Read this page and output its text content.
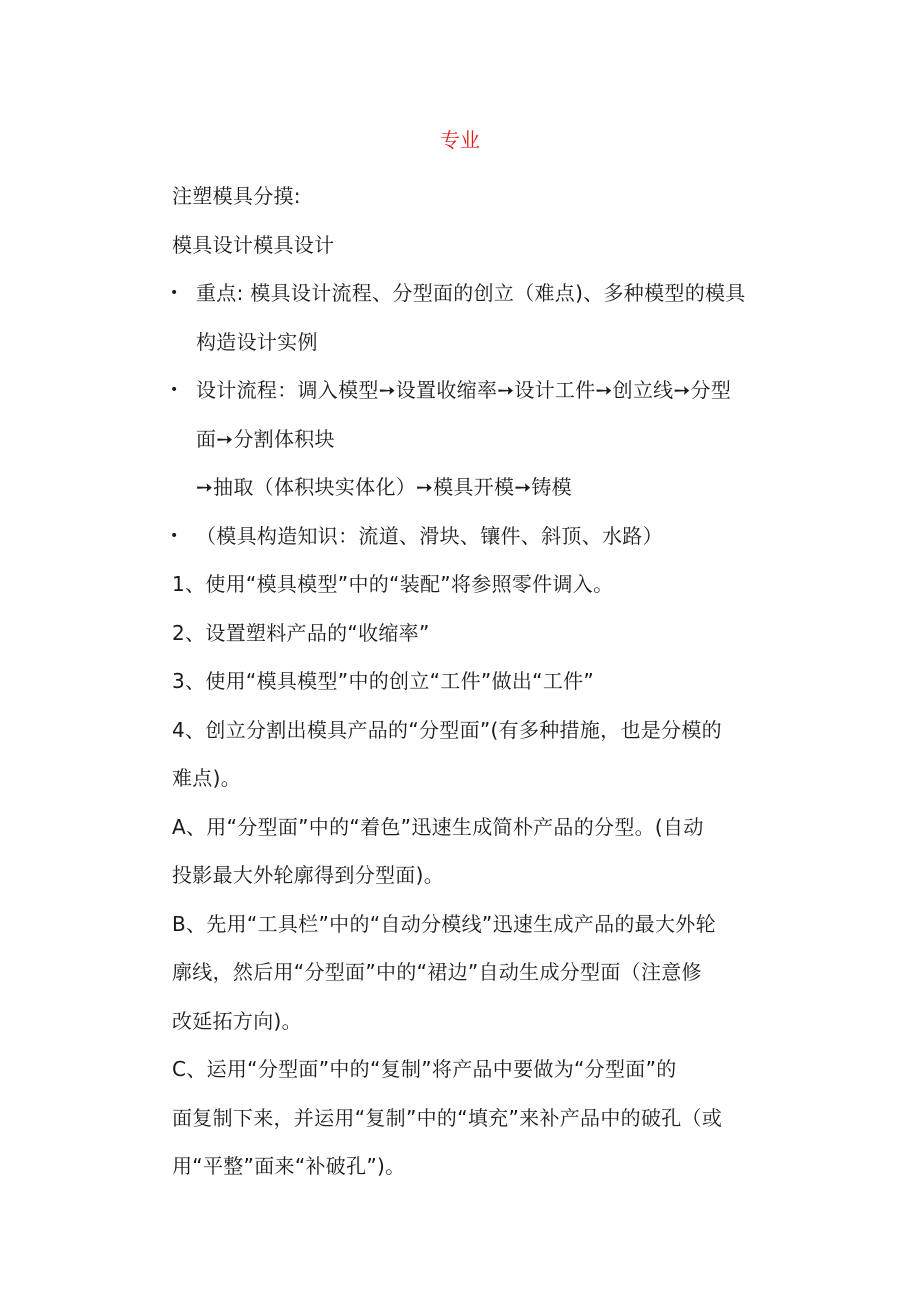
专业
注塑模具分摸:
模具设计模具设计
• 重点: 模具设计流程、分型面的创立（难点)、多种模型的模具
构造设计实例
• 设计流程：调入模型➙设置收缩率➙设计工件➙创立线➙分型
面➙分割体积块
➙抽取（体积块实体化）➙模具开模➙铸模
• （模具构造知识：流道、滑块、镶件、斜顶、水路）
1、使用“模具模型”中的“装配”将参照零件调入。
2、设置塑料产品的“收缩率”
3、使用“模具模型”中的创立“工件”做出“工件”
4、创立分割出模具产品的“分型面”(有多种措施，也是分模的
难点)。
A、用“分型面”中的“着色”迅速生成简朴产品的分型。(自动
投影最大外轮廓得到分型面)。
B、先用“工具栏”中的“自动分模线”迅速生成产品的最大外轮
廓线，然后用“分型面”中的“裙边”自动生成分型面（注意修
改延拓方向)。
C、运用“分型面”中的“复制”将产品中要做为“分型面”的
面复制下来，并运用“复制”中的“填充”来补产品中的破孔（或
用“平整”面来“补破孔”)。
